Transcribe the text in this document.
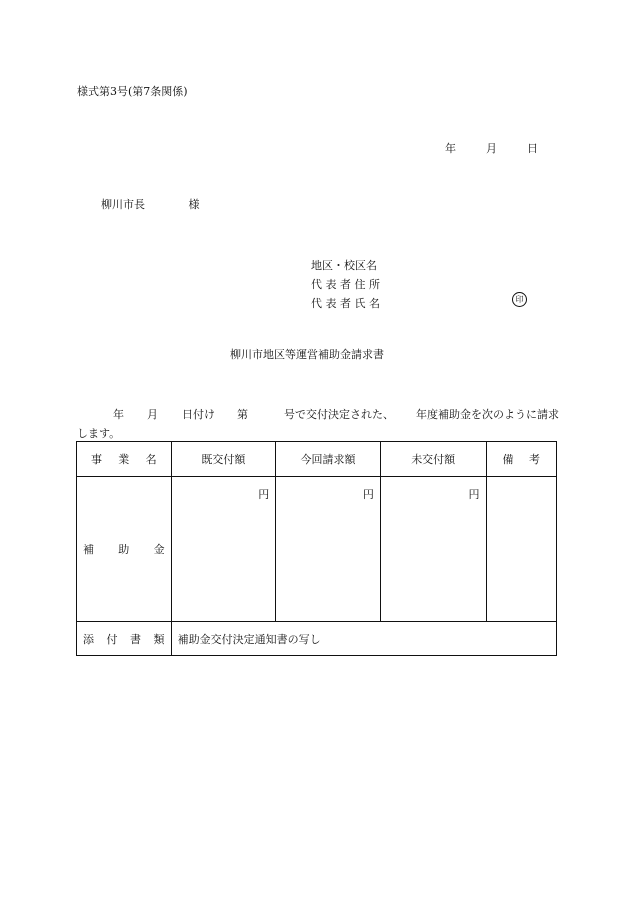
様式第3号(第7条関係)
年	月	日
柳川市長	様
地区・校区名
代 表 者 住 所
代 表 者 氏 名	印
柳川市地区等運営補助金請求書
年 月 日付け 第	号で交付決定された、 年度補助金を次のように請求します。
事 業 名	既交付額	今回請求額	未交付額	備 考

補 助 金	円	円	円	

添 付 書 類	補助金交付決定通知書の写し			
